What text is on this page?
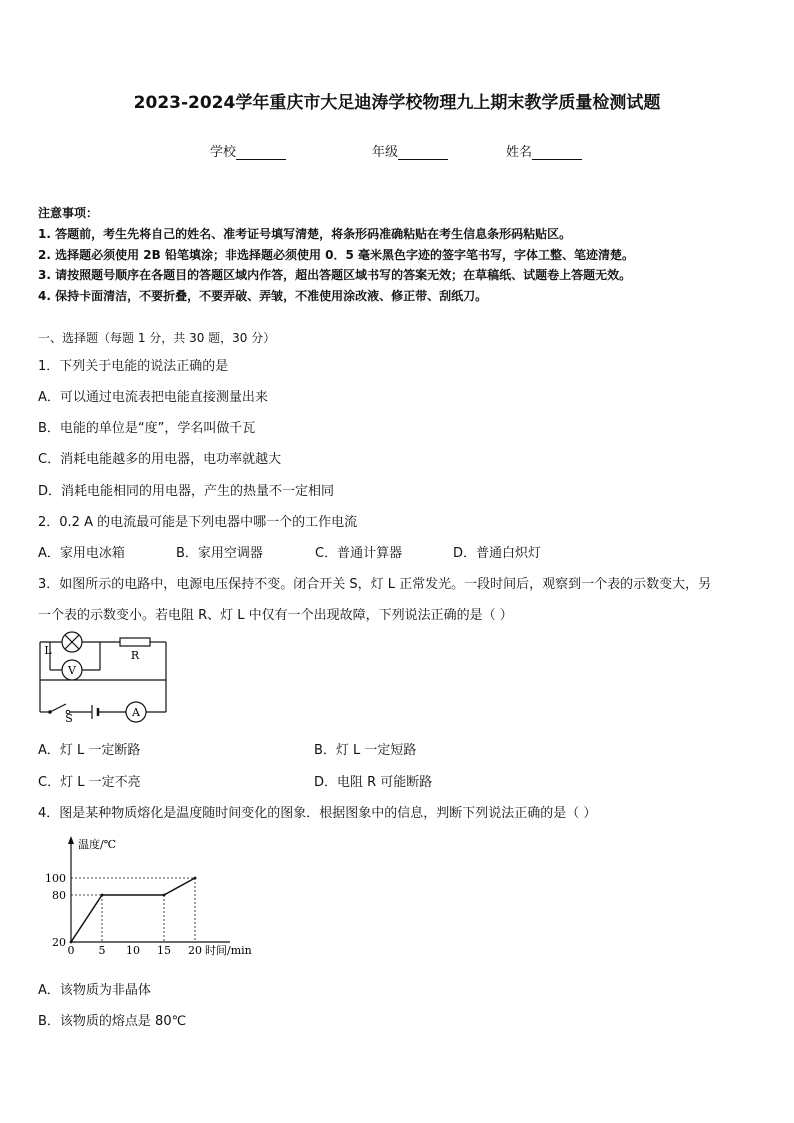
2023-2024学年重庆市大足迪涛学校物理九上期末教学质量检测试题
学校	年级	姓名
注意事项：
1. 答题前，考生先将自己的姓名、准考证号填写清楚，将条形码准确粘贴在考生信息条形码粘贴区。
2. 选择题必须使用 2B 铅笔填涂；非选择题必须使用 0．5 毫米黑色字迹的签字笔书写，字体工整、笔迹清楚。
3. 请按照题号顺序在各题目的答题区域内作答，超出答题区域书写的答案无效；在草稿纸、试题卷上答题无效。
4. 保持卡面清洁，不要折叠，不要弄破、弄皱，不准使用涂改液、修正带、刮纸刀。
一、选择题（每题 1 分，共 30 题，30 分）
1．下列关于电能的说法正确的是
A．可以通过电流表把电能直接测量出来
B．电能的单位是“度”，学名叫做千瓦
C．消耗电能越多的用电器，电功率就越大
D．消耗电能相同的用电器，产生的热量不一定相同
2．0.2 A 的电流最可能是下列电器中哪一个的工作电流
A．家用电冰箱	B．家用空调器	C．普通计算器	D．普通白炽灯
3．如图所示的电路中，电源电压保持不变。闭合开关 S，灯 L 正常发光。一段时间后，观察到一个表的示数变大，另
一个表的示数变小。若电阻 R、灯 L 中仅有一个出现故障，下列说法正确的是（ ）
L
V
R
S	A
A．灯 L 一定断路	B．灯 L 一定短路
C．灯 L 一定不亮	D．电阻 R 可能断路
4．图是某种物质熔化是温度随时间变化的图象．根据图象中的信息，判断下列说法正确的是（ ）
温度/℃
时间/min
0 5 10 15 20
20
80
100
A．该物质为非晶体
B．该物质的熔点是 80℃
